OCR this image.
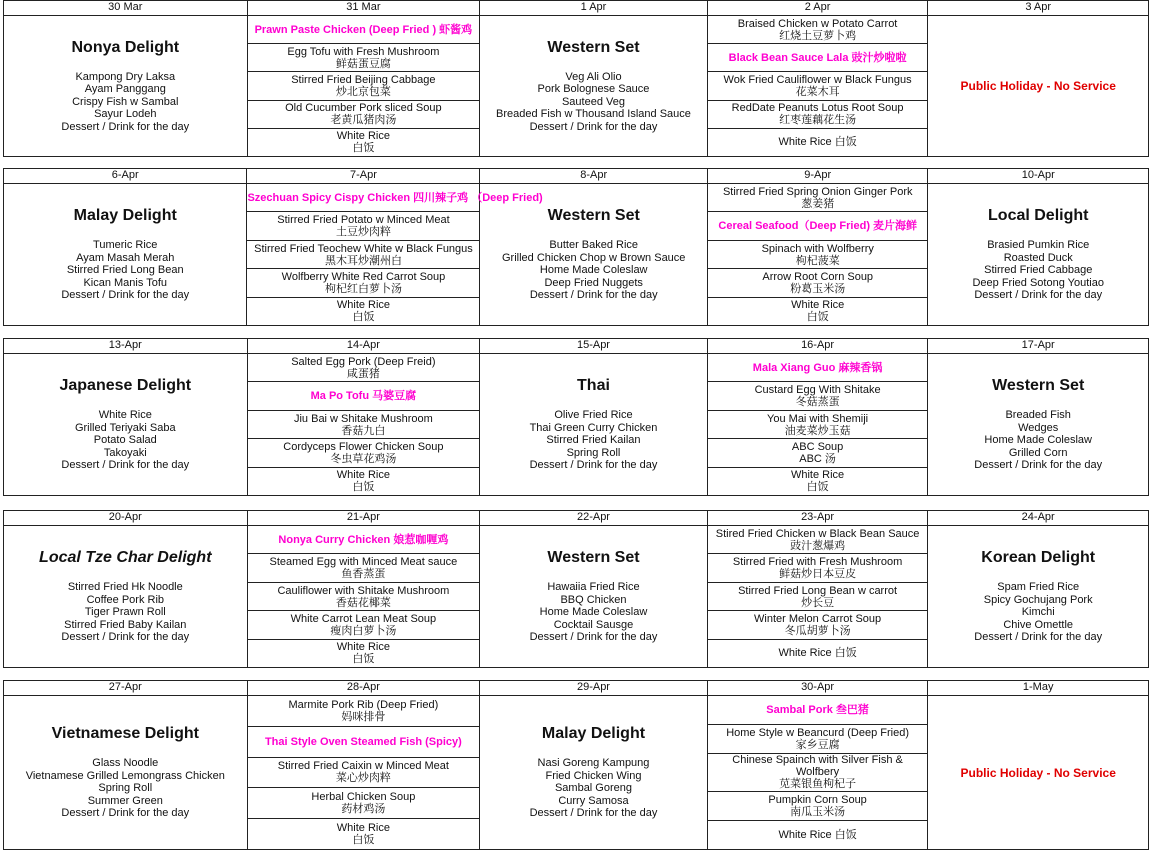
30 Mar
Nonya Delight
Kampong Dry Laksa
Ayam Panggang
Crispy Fish w Sambal
Sayur Lodeh
Dessert / Drink for the day
31 Mar
Prawn Paste Chicken (Deep Fried ) 虾酱鸡
Egg Tofu with Fresh Mushroom
鲜菇蛋豆腐
Stirred Fried Beijing Cabbage
炒北京包菜
Old Cucumber Pork sliced Soup
老黄瓜猪肉汤
White Rice
白饭
1 Apr
Western Set
Veg Ali Olio
Pork Bolognese Sauce
Sauteed Veg
Breaded Fish w Thousand Island Sauce
Dessert / Drink for the day
2 Apr
Braised Chicken w Potato Carrot
红烧土豆萝卜鸡
Black Bean Sauce Lala 豉汁炒啦啦
Wok Fried Cauliflower w Black Fungus
花菜木耳
RedDate Peanuts Lotus Root Soup
红枣莲藕花生汤
White Rice 白饭
3 Apr
Public Holiday - No Service
6-Apr
Malay Delight
Tumeric Rice
Ayam Masah Merah
Stirred Fried Long Bean
Kican Manis Tofu
Dessert / Drink for the day
7-Apr
Szechuan Spicy Cispy Chicken 四川辣子鸡 （Deep Fried)
Stirred Fried Potato w Minced Meat
土豆炒肉粹
Stirred Fried Teochew White w Black Fungus
黑木耳炒潮州白
Wolfberry White Red Carrot Soup
枸杞红白萝卜汤
White Rice
白饭
8-Apr
Western Set
Butter Baked Rice
Grilled Chicken Chop w Brown Sauce
Home Made Coleslaw
Deep Fried Nuggets
Dessert / Drink for the day
9-Apr
Stirred Fried Spring Onion Ginger Pork
葱姜猪
Cereal Seafood（Deep Fried) 麦片海鲜
Spinach with Wolfberry
枸杞菠菜
Arrow Root Corn Soup
粉葛玉米汤
White Rice
白饭
10-Apr
Local Delight
Brasied Pumkin Rice
Roasted Duck
Stirred Fried Cabbage
Deep Fried Sotong Youtiao
Dessert / Drink for the day
13-Apr
Japanese Delight
White Rice
Grilled Teriyaki Saba
Potato Salad
Takoyaki
Dessert / Drink for the day
14-Apr
Salted Egg Pork (Deep Freid)
咸蛋猪
Ma Po Tofu 马婆豆腐
Jiu Bai w Shitake Mushroom
香菇九白
Cordyceps Flower Chicken Soup
冬虫草花鸡汤
White Rice
白饭
15-Apr
Thai
Olive Fried Rice
Thai Green Curry Chicken
Stirred Fried Kailan
Spring Roll
Dessert / Drink for the day
16-Apr
Mala Xiang Guo 麻辣香锅
Custard Egg With Shitake
冬菇蒸蛋
You Mai with Shemiji
油麦菜炒玉菇
ABC Soup
ABC 汤
White Rice
白饭
17-Apr
Western Set
Breaded Fish
Wedges
Home Made Coleslaw
Grilled Corn
Dessert / Drink for the day
20-Apr
Local Tze Char Delight
Stirred Fried Hk Noodle
Coffee Pork Rib
Tiger Prawn Roll
Stirred Fried Baby Kailan
Dessert / Drink for the day
21-Apr
Nonya Curry Chicken 娘惹咖喱鸡
Steamed Egg with Minced Meat sauce
鱼香蒸蛋
Cauliflower with Shitake Mushroom
香菇花椰菜
White Carrot Lean Meat Soup
瘦肉白萝卜汤
White Rice
白饭
22-Apr
Western Set
Hawaiia Fried Rice
BBQ Chicken
Home Made Coleslaw
Cocktail Sausge
Dessert / Drink for the day
23-Apr
Stired Fried Chicken w Black Bean Sauce
豉汁葱爆鸡
Stirred Fried with Fresh Mushroom
鲜菇炒日本豆皮
Stirred Fried Long Bean w carrot
炒长豆
Winter Melon Carrot Soup
冬瓜胡萝卜汤
White Rice 白饭
24-Apr
Korean Delight
Spam Fried Rice
Spicy Gochujang Pork
Kimchi
Chive Omettle
Dessert / Drink for the day
27-Apr
Vietnamese Delight
Glass Noodle
Vietnamese Grilled Lemongrass Chicken
Spring Roll
Summer Green
Dessert / Drink for the day
28-Apr
Marmite Pork Rib (Deep Fried)
妈咪排骨
Thai Style Oven Steamed Fish (Spicy)
Stirred Fried Caixin w Minced Meat
菜心炒肉粹
Herbal Chicken Soup
药材鸡汤
White Rice
白饭
29-Apr
Malay Delight
Nasi Goreng Kampung
Fried Chicken Wing
Sambal Goreng
Curry Samosa
Dessert / Drink for the day
30-Apr
Sambal Pork 叁巴猪
Home Style w Beancurd (Deep Fried)
家乡豆腐
Chinese Spainch with Silver Fish & Wolfbery
苋菜银鱼枸杞子
Pumpkin Corn Soup
南瓜玉米汤
White Rice 白饭
1-May
Public Holiday - No Service
